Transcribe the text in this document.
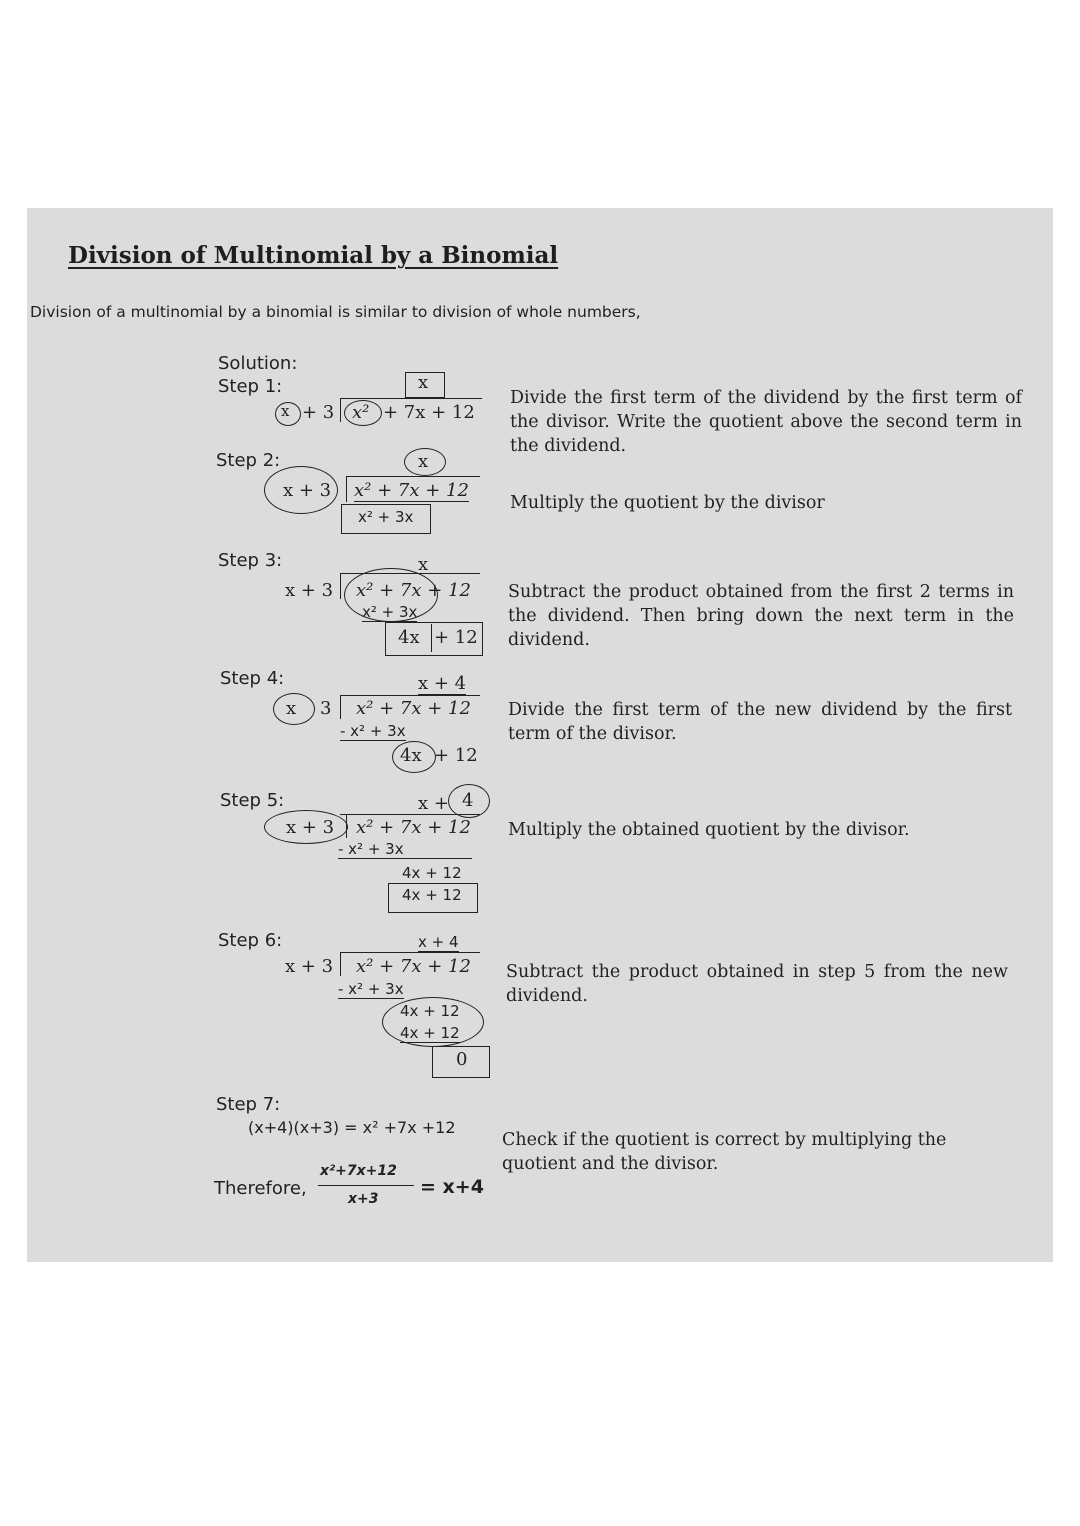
Division of Multinomial by a Binomial
Division of a multinomial by a binomial is similar to division of whole numbers,
Solution:
Step 1:	x
x + 3 x² + 7x + 12
Divide the first term of the dividend by the first term of the divisor. Write the quotient above the second term in the dividend.
Step 2:	x
x + 3 x² + 7x + 12
x² + 3x
Multiply the quotient by the divisor
Step 3:	x
x + 3 x² + 7x + 12
x² + 3x
4x + 12
Subtract the product obtained from the first 2 terms in the dividend. Then bring down the next term in the dividend.
Step 4:	x + 4
x 3 x² + 7x + 12
- x² + 3x
4x + 12
Divide the first term of the new dividend by the first term of the divisor.
Step 5:	x + 4
x + 3 x² + 7x + 12
- x² + 3x
4x + 12
4x + 12
Multiply the obtained quotient by the divisor.
Step 6:	x + 4
x + 3 x² + 7x + 12
- x² + 3x
4x + 12
4x + 12
0
Subtract the product obtained in step 5 from the new dividend.
Step 7:
(x+4)(x+3) = x² +7x +12
Check if the quotient is correct by multiplying the quotient and the divisor.
Therefore,
x²+7x+12
x+3
= x+4
